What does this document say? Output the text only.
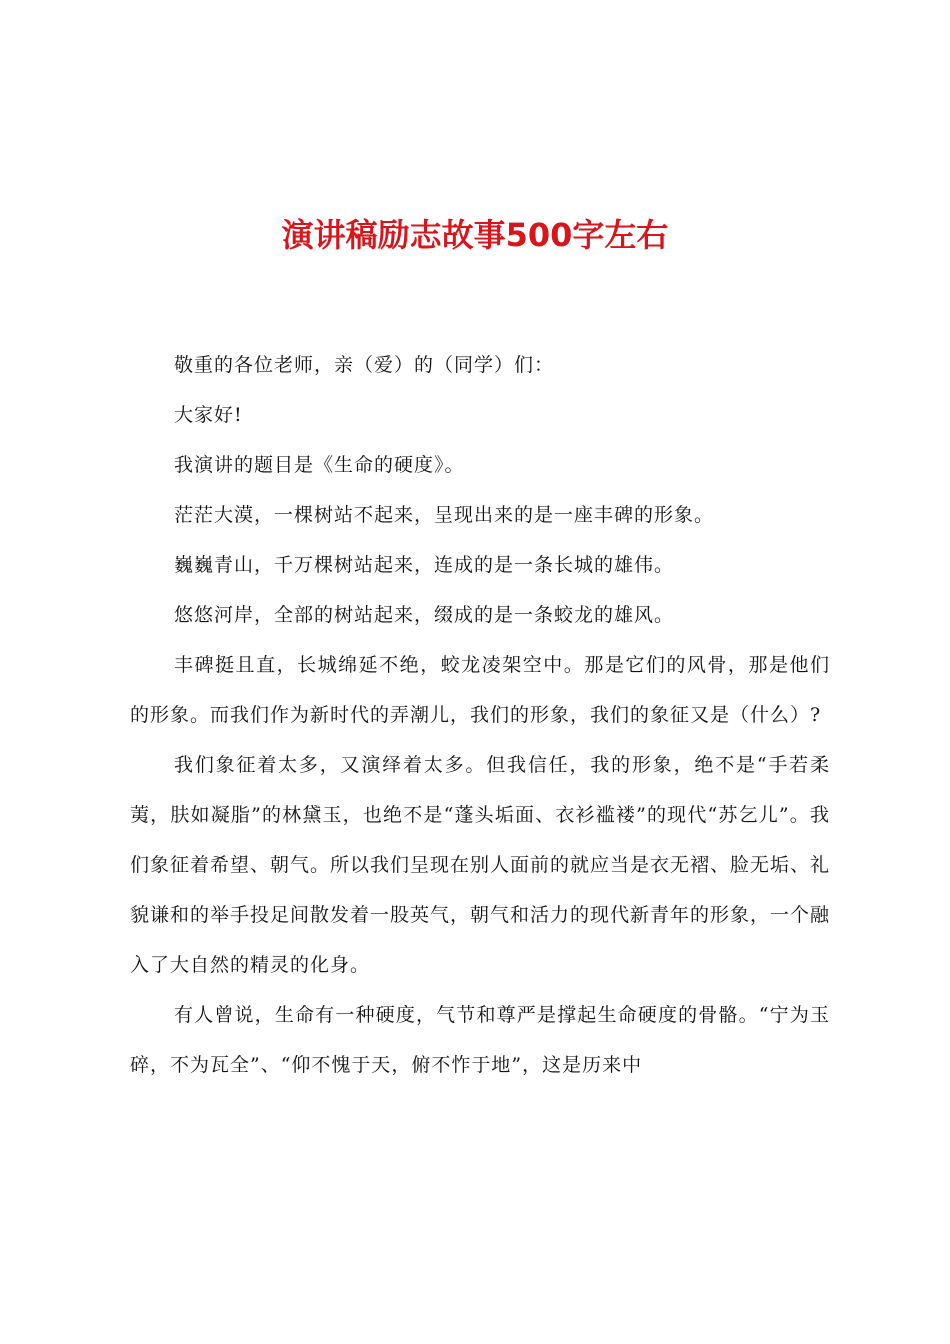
演讲稿励志故事500字左右

敬重的各位老师，亲（爱）的（同学）们：

大家好!

我演讲的题目是《生命的硬度》。

茫茫大漠，一棵树站不起来，呈现出来的是一座丰碑的形象。

巍巍青山，千万棵树站起来，连成的是一条长城的雄伟。

悠悠河岸，全部的树站起来，缀成的是一条蛟龙的雄风。

丰碑挺且直，长城绵延不绝，蛟龙凌架空中。那是它们的风骨，那是他们的形象。而我们作为新时代的弄潮儿，我们的形象，我们的象征又是（什么）?

我们象征着太多，又演绎着太多。但我信任，我的形象，绝不是“手若柔荑，肤如凝脂”的林黛玉，也绝不是“蓬头垢面、衣衫褴褛”的现代“苏乞儿”。我们象征着希望、朝气。所以我们呈现在别人面前的就应当是衣无褶、脸无垢、礼貌谦和的举手投足间散发着一股英气，朝气和活力的现代新青年的形象，一个融入了大自然的精灵的化身。

有人曾说，生命有一种硬度，气节和尊严是撑起生命硬度的骨骼。“宁为玉碎，不为瓦全”、“仰不愧于天，俯不怍于地”，这是历来中
